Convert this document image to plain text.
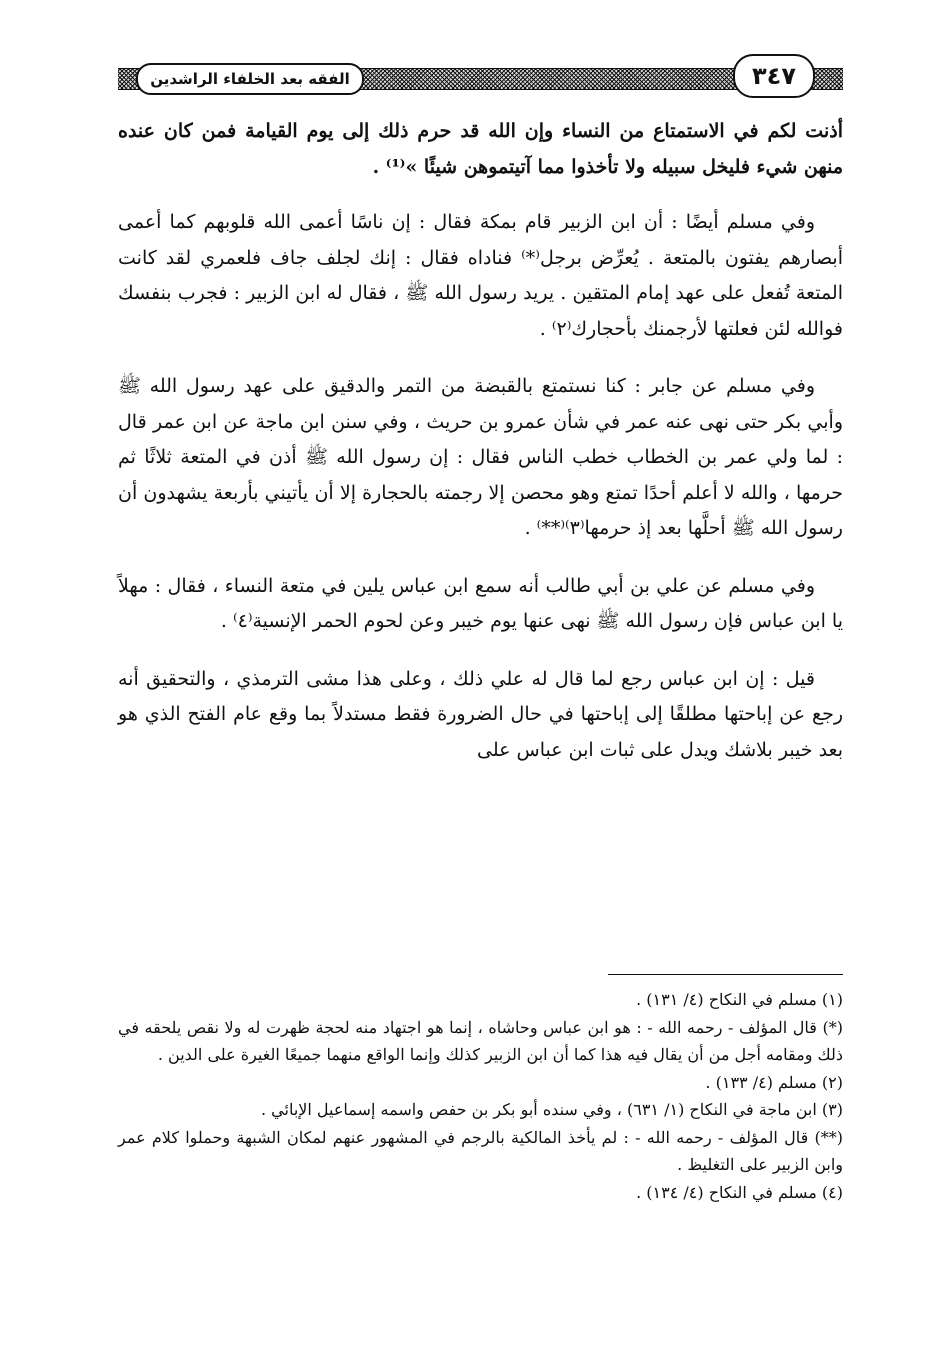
الفقه بعد الخلفاء الراشدين	٣٤٧

أذنت لكم في الاستمتاع من النساء وإن الله قد حرم ذلك إلى يوم القيامة فمن كان عنده منهن شيء فليخل سبيله ولا تأخذوا مما آتيتموهن شيئًا »⁽¹⁾ .

وفي مسلم أيضًا : أن ابن الزبير قام بمكة فقال : إن ناسًا أعمى الله قلوبهم كما أعمى أبصارهم يفتون بالمتعة . يُعرِّض برجل⁽*⁾ فناداه فقال : إنك لجلف جاف فلعمري لقد كانت المتعة تُفعل على عهد إمام المتقين . يريد رسول الله ﷺ ، فقال له ابن الزبير : فجرب بنفسك فوالله لئن فعلتها لأرجمنك بأحجارك⁽٢⁾ .

وفي مسلم عن جابر : كنا نستمتع بالقبضة من التمر والدقيق على عهد رسول الله ﷺ وأبي بكر حتى نهى عنه عمر في شأن عمرو بن حريث ، وفي سنن ابن ماجة عن ابن عمر قال : لما ولي عمر بن الخطاب خطب الناس فقال : إن رسول الله ﷺ أذن في المتعة ثلاثًا ثم حرمها ، والله لا أعلم أحدًا تمتع وهو محصن إلا رجمته بالحجارة إلا أن يأتيني بأربعة يشهدون أن رسول الله ﷺ أحلَّها بعد إذ حرمها⁽٣⁾⁽**⁾ .

وفي مسلم عن علي بن أبي طالب أنه سمع ابن عباس يلين في متعة النساء ، فقال : مهلاً يا ابن عباس فإن رسول الله ﷺ نهى عنها يوم خيبر وعن لحوم الحمر الإنسية⁽٤⁾ .

قيل : إن ابن عباس رجع لما قال له علي ذلك ، وعلى هذا مشى الترمذي ، والتحقيق أنه رجع عن إباحتها مطلقًا إلى إباحتها في حال الضرورة فقط مستدلاً بما وقع عام الفتح الذي هو بعد خيبر بلاشك ويدل على ثبات ابن عباس على

(١) مسلم في النكاح (٤/ ١٣١) .

(*) قال المؤلف - رحمه الله - : هو ابن عباس وحاشاه ، إنما هو اجتهاد منه لحجة ظهرت له ولا نقص يلحقه في ذلك ومقامه أجل من أن يقال فيه هذا كما أن ابن الزبير كذلك وإنما الواقع منهما جميعًا الغيرة على الدين .

(٢) مسلم (٤/ ١٣٣) .

(٣) ابن ماجة في النكاح (١/ ٦٣١) ، وفي سنده أبو بكر بن حفص واسمه إسماعيل الإبائي .

(**) قال المؤلف - رحمه الله - : لم يأخذ المالكية بالرجم في المشهور عنهم لمكان الشبهة وحملوا كلام عمر وابن الزبير على التغليظ .

(٤) مسلم في النكاح (٤/ ١٣٤) .
